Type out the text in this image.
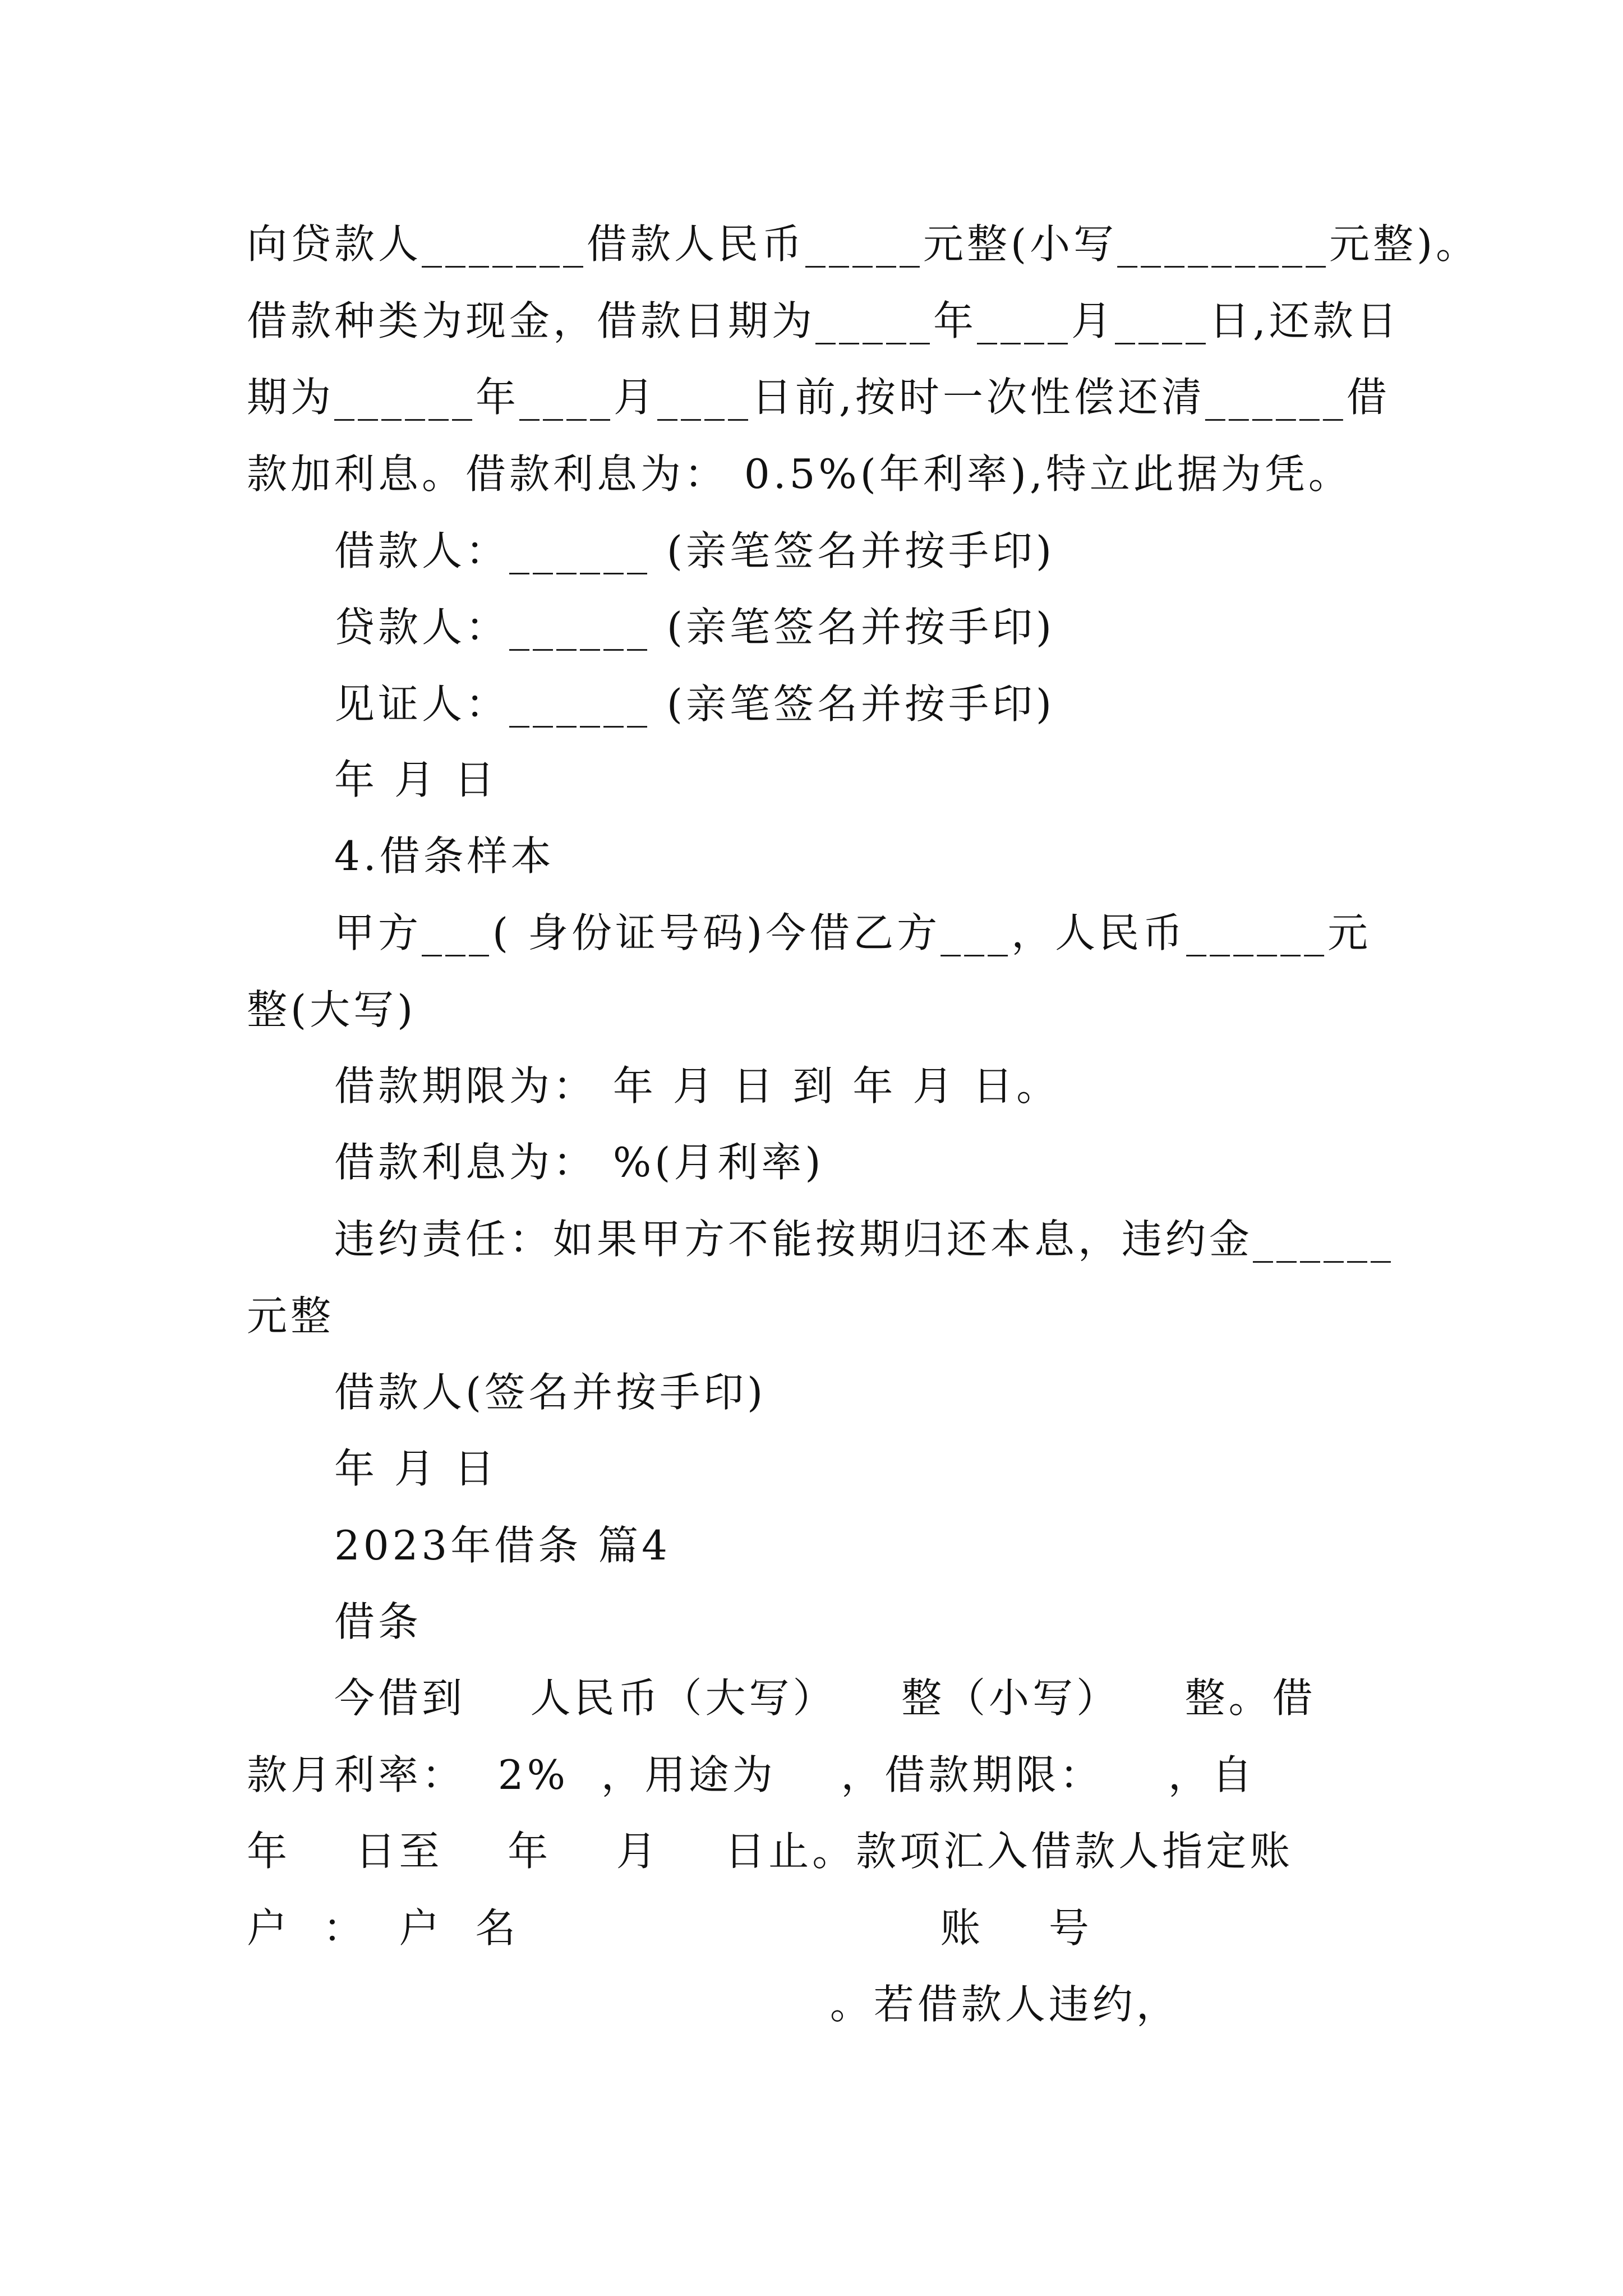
向贷款人_______借款人民币_____元整(小写_________元整)。
借款种类为现金，借款日期为_____年____月____日,还款日
期为______年____月____日前,按时一次性偿还清______借
款加利息。借款利息为： 0.5%(年利率),特立此据为凭。
借款人：______ (亲笔签名并按手印)
贷款人：______ (亲笔签名并按手印)
见证人：______ (亲笔签名并按手印)
年 月 日
4.借条样本
甲方___( 身份证号码)今借乙方___，人民币______元
整(大写)
借款期限为： 年 月 日 到 年 月 日。
借款利息为： %(月利率)
违约责任：如果甲方不能按期归还本息，违约金______
元整
借款人(签名并按手印)
年 月 日
2023年借条 篇4
借条
今借到    人民币（大写）    整（小写）    整。借
款月利率：  2%  ，用途为    ，借款期限：    ，自
年    日至    年    月    日止。款项汇入借款人指定账
户  ：  户  名                          账    号
。若借款人违约，
